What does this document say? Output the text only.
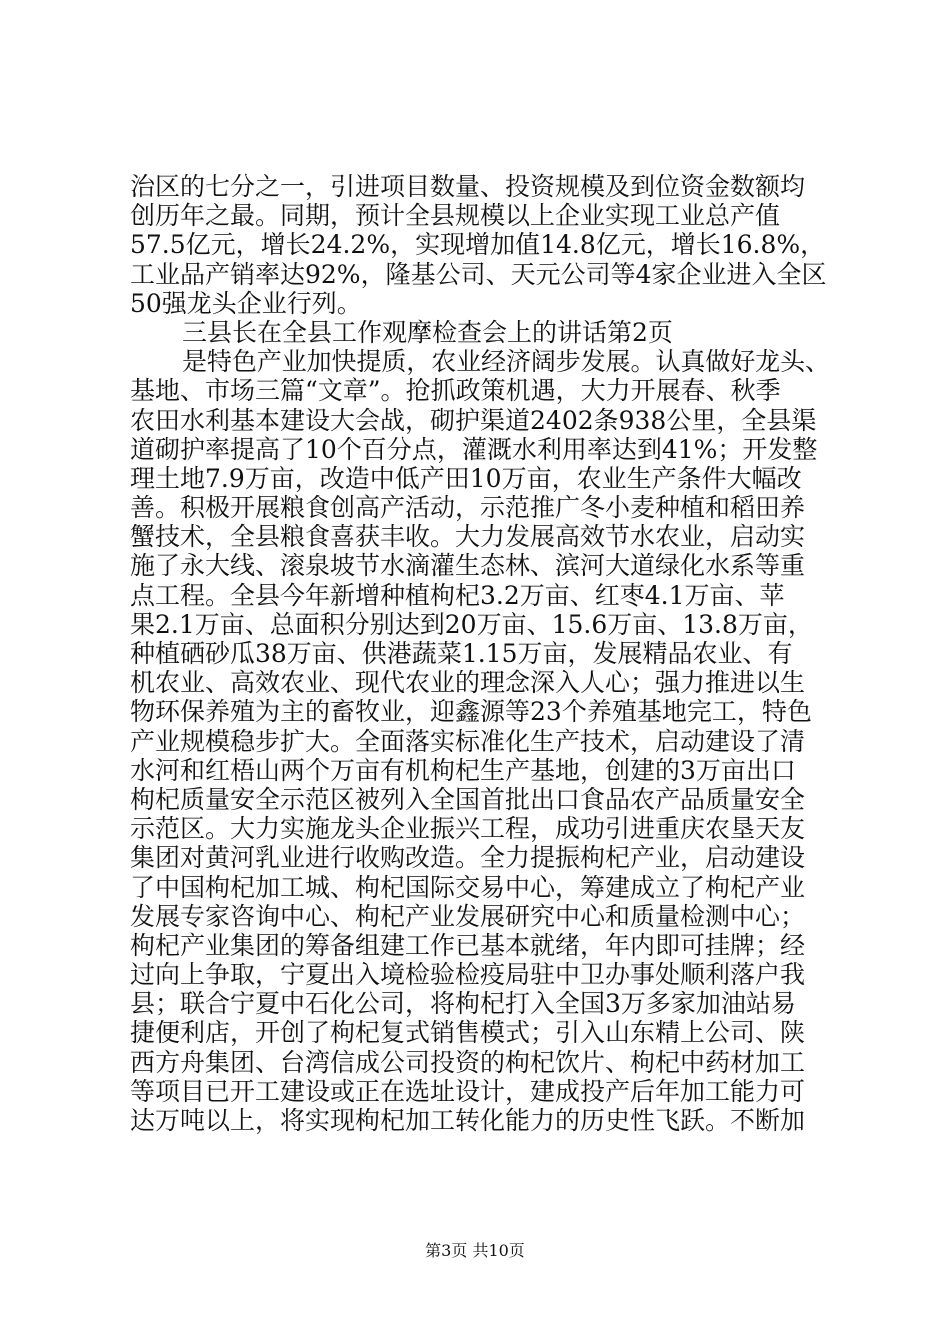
治区的七分之一，引进项目数量、投资规模及到位资金数额均
创历年之最。同期，预计全县规模以上企业实现工业总产值
57.5亿元，增长24.2%，实现增加值14.8亿元，增长16.8%，
工业品产销率达92%，隆基公司、天元公司等4家企业进入全区
50强龙头企业行列。
三县长在全县工作观摩检查会上的讲话第2页
是特色产业加快提质，农业经济阔步发展。认真做好龙头、
基地、市场三篇“文章”。抢抓政策机遇，大力开展春、秋季
农田水利基本建设大会战，砌护渠道2402条938公里，全县渠
道砌护率提高了10个百分点，灌溉水利用率达到41%；开发整
理土地7.9万亩，改造中低产田10万亩，农业生产条件大幅改
善。积极开展粮食创高产活动，示范推广冬小麦种植和稻田养
蟹技术，全县粮食喜获丰收。大力发展高效节水农业，启动实
施了永大线、滚泉坡节水滴灌生态林、滨河大道绿化水系等重
点工程。全县今年新增种植枸杞3.2万亩、红枣4.1万亩、苹
果2.1万亩、总面积分别达到20万亩、15.6万亩、13.8万亩，
种植硒砂瓜38万亩、供港蔬菜1.15万亩，发展精品农业、有
机农业、高效农业、现代农业的理念深入人心；强力推进以生
物环保养殖为主的畜牧业，迎鑫源等23个养殖基地完工，特色
产业规模稳步扩大。全面落实标准化生产技术，启动建设了清
水河和红梧山两个万亩有机枸杞生产基地，创建的3万亩出口
枸杞质量安全示范区被列入全国首批出口食品农产品质量安全
示范区。大力实施龙头企业振兴工程，成功引进重庆农垦天友
集团对黄河乳业进行收购改造。全力提振枸杞产业，启动建设
了中国枸杞加工城、枸杞国际交易中心，筹建成立了枸杞产业
发展专家咨询中心、枸杞产业发展研究中心和质量检测中心；
枸杞产业集团的筹备组建工作已基本就绪，年内即可挂牌；经
过向上争取，宁夏出入境检验检疫局驻中卫办事处顺利落户我
县；联合宁夏中石化公司，将枸杞打入全国3万多家加油站易
捷便利店，开创了枸杞复式销售模式；引入山东精上公司、陕
西方舟集团、台湾信成公司投资的枸杞饮片、枸杞中药材加工
等项目已开工建设或正在选址设计，建成投产后年加工能力可
达万吨以上，将实现枸杞加工转化能力的历史性飞跃。不断加
第3页 共10页
